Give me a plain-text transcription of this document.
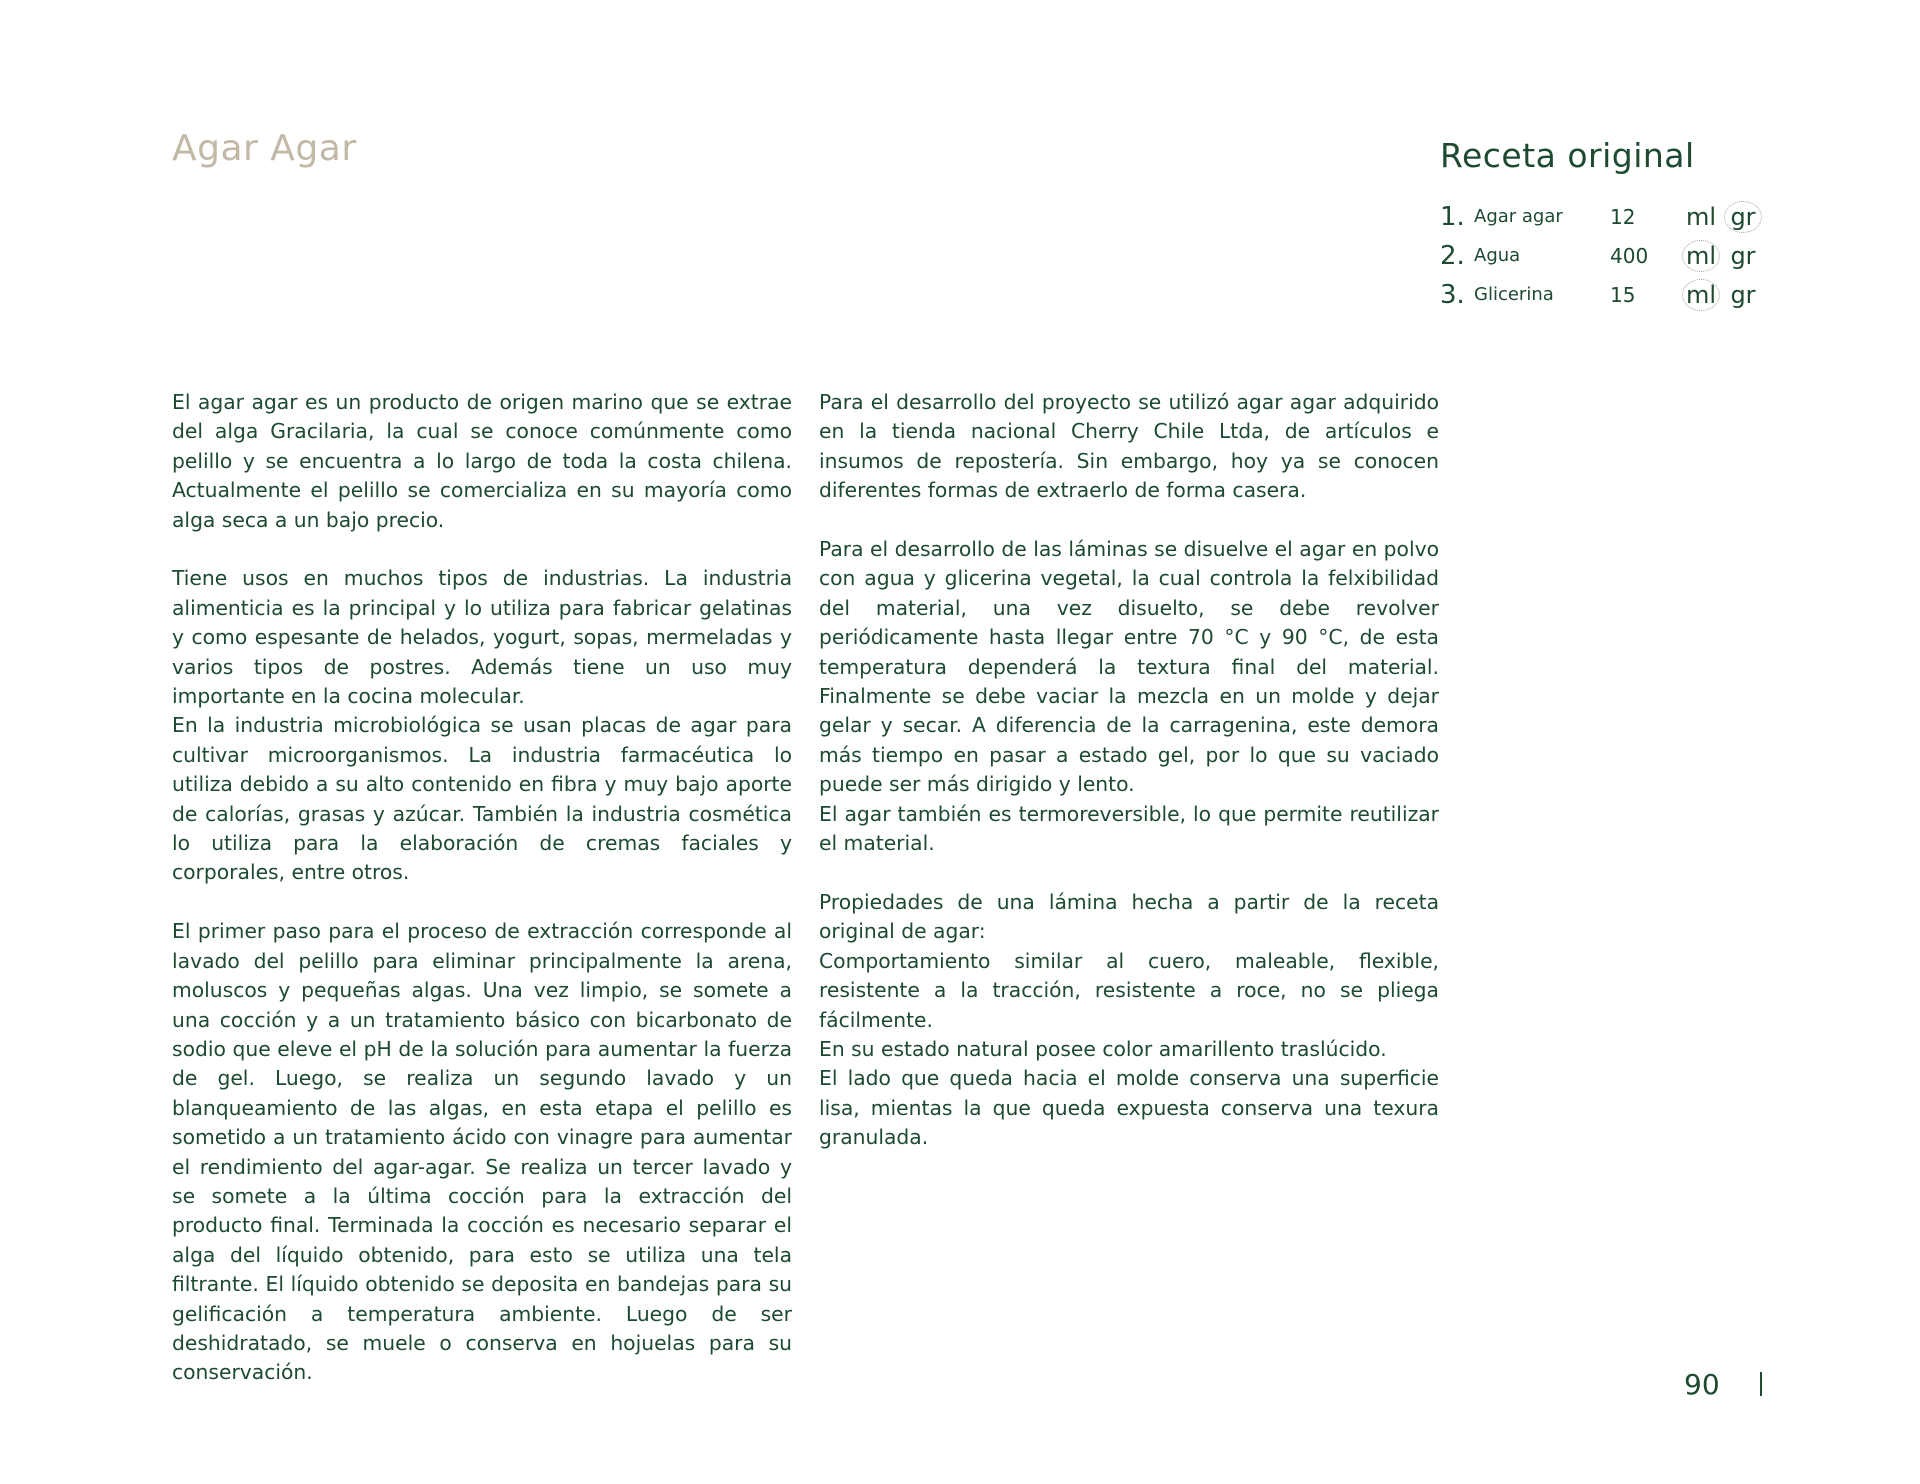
Agar Agar	Receta original
1. Agar agar	12	ml gr
2. Agua	400	ml gr
3. Glicerina	15	ml gr

El agar agar es un producto de origen marino que se extrae del alga Gracilaria, la cual se conoce comúnmente como pelillo y se encuentra a lo largo de toda la costa chilena. Actualmente el pelillo se comercializa en su mayoría como alga seca a un bajo precio.

Tiene usos en muchos tipos de industrias. La industria alimenticia es la principal y lo utiliza para fabricar gelatinas y como espesante de helados, yogurt, sopas, mermeladas y varios tipos de postres. Además tiene un uso muy importante en la cocina molecular.

En la industria microbiológica se usan placas de agar para cultivar microorganismos. La industria farmacéutica lo utiliza debido a su alto contenido en fibra y muy bajo aporte de calorías, grasas y azúcar. También la industria cosmética lo utiliza para la elaboración de cremas faciales y corporales, entre otros.

El primer paso para el proceso de extracción corresponde al lavado del pelillo para eliminar principalmente la arena, moluscos y pequeñas algas. Una vez limpio, se somete a una cocción y a un tratamiento básico con bicarbonato de sodio que eleve el pH de la solución para aumentar la fuerza de gel. Luego, se realiza un segundo lavado y un blanqueamiento de las algas, en esta etapa el pelillo es sometido a un tratamiento ácido con vinagre para aumentar el rendimiento del agar-agar. Se realiza un tercer lavado y se somete a la última cocción para la extracción del producto final. Terminada la cocción es necesario separar el alga del líquido obtenido, para esto se utiliza una tela filtrante. El líquido obtenido se deposita en bandejas para su gelificación a temperatura ambiente. Luego de ser deshidratado, se muele o conserva en hojuelas para su conservación.

Para el desarrollo del proyecto se utilizó agar agar adquirido en la tienda nacional Cherry Chile Ltda, de artículos e insumos de repostería. Sin embargo, hoy ya se conocen diferentes formas de extraerlo de forma casera.

Para el desarrollo de las láminas se disuelve el agar en polvo con agua y glicerina vegetal, la cual controla la felxibilidad del material, una vez disuelto, se debe revolver periódicamente hasta llegar entre 70 °C y 90 °C, de esta temperatura dependerá la textura final del material. Finalmente se debe vaciar la mezcla en un molde y dejar gelar y secar. A diferencia de la carragenina, este demora más tiempo en pasar a estado gel, por lo que su vaciado puede ser más dirigido y lento.

El agar también es termoreversible, lo que permite reutilizar el material.

Propiedades de una lámina hecha a partir de la receta original de agar:

Comportamiento similar al cuero, maleable, flexible, resistente a la tracción, resistente a roce, no se pliega fácilmente.

En su estado natural posee color amarillento traslúcido.

El lado que queda hacia el molde conserva una superficie lisa, mientas la que queda expuesta conserva una texura granulada.

90
